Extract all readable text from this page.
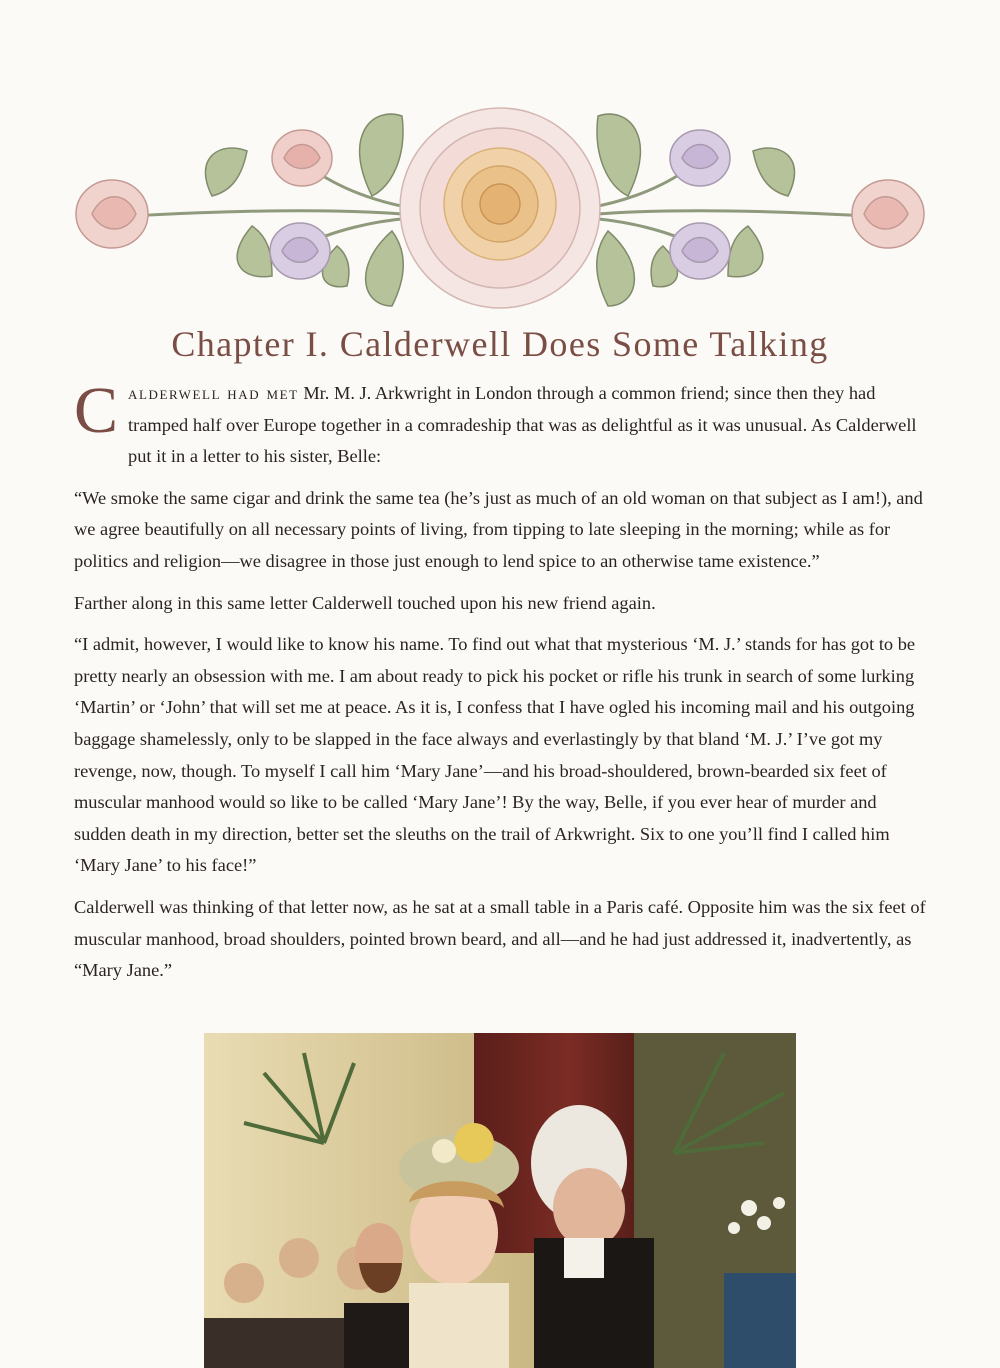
Chapter I. Calderwell Does Some Talking

C alderwell had met Mr. M. J. Arkwright in London through a common friend; since then they had tramped half over Europe together in a comradeship that was as delightful as it was unusual. As Calderwell put it in a letter to his sister, Belle:

“We smoke the same cigar and drink the same tea (he’s just as much of an old woman on that subject as I am!), and we agree beautifully on all necessary points of living, from tipping to late sleeping in the morning; while as for politics and religion—we disagree in those just enough to lend spice to an otherwise tame existence.”

Farther along in this same letter Calderwell touched upon his new friend again.

“I admit, however, I would like to know his name. To find out what that mysterious ‘M. J.’ stands for has got to be pretty nearly an obsession with me. I am about ready to pick his pocket or rifle his trunk in search of some lurking ‘Martin’ or ‘John’ that will set me at peace. As it is, I confess that I have ogled his incoming mail and his outgoing baggage shamelessly, only to be slapped in the face always and everlastingly by that bland ‘M. J.’ I’ve got my revenge, now, though. To myself I call him ‘Mary Jane’—and his broad-shouldered, brown-bearded six feet of muscular manhood would so like to be called ‘Mary Jane’! By the way, Belle, if you ever hear of murder and sudden death in my direction, better set the sleuths on the trail of Arkwright. Six to one you’ll find I called him ‘Mary Jane’ to his face!”

Calderwell was thinking of that letter now, as he sat at a small table in a Paris café. Opposite him was the six feet of muscular manhood, broad shoulders, pointed brown beard, and all—and he had just addressed it, inadvertently, as “Mary Jane.”
